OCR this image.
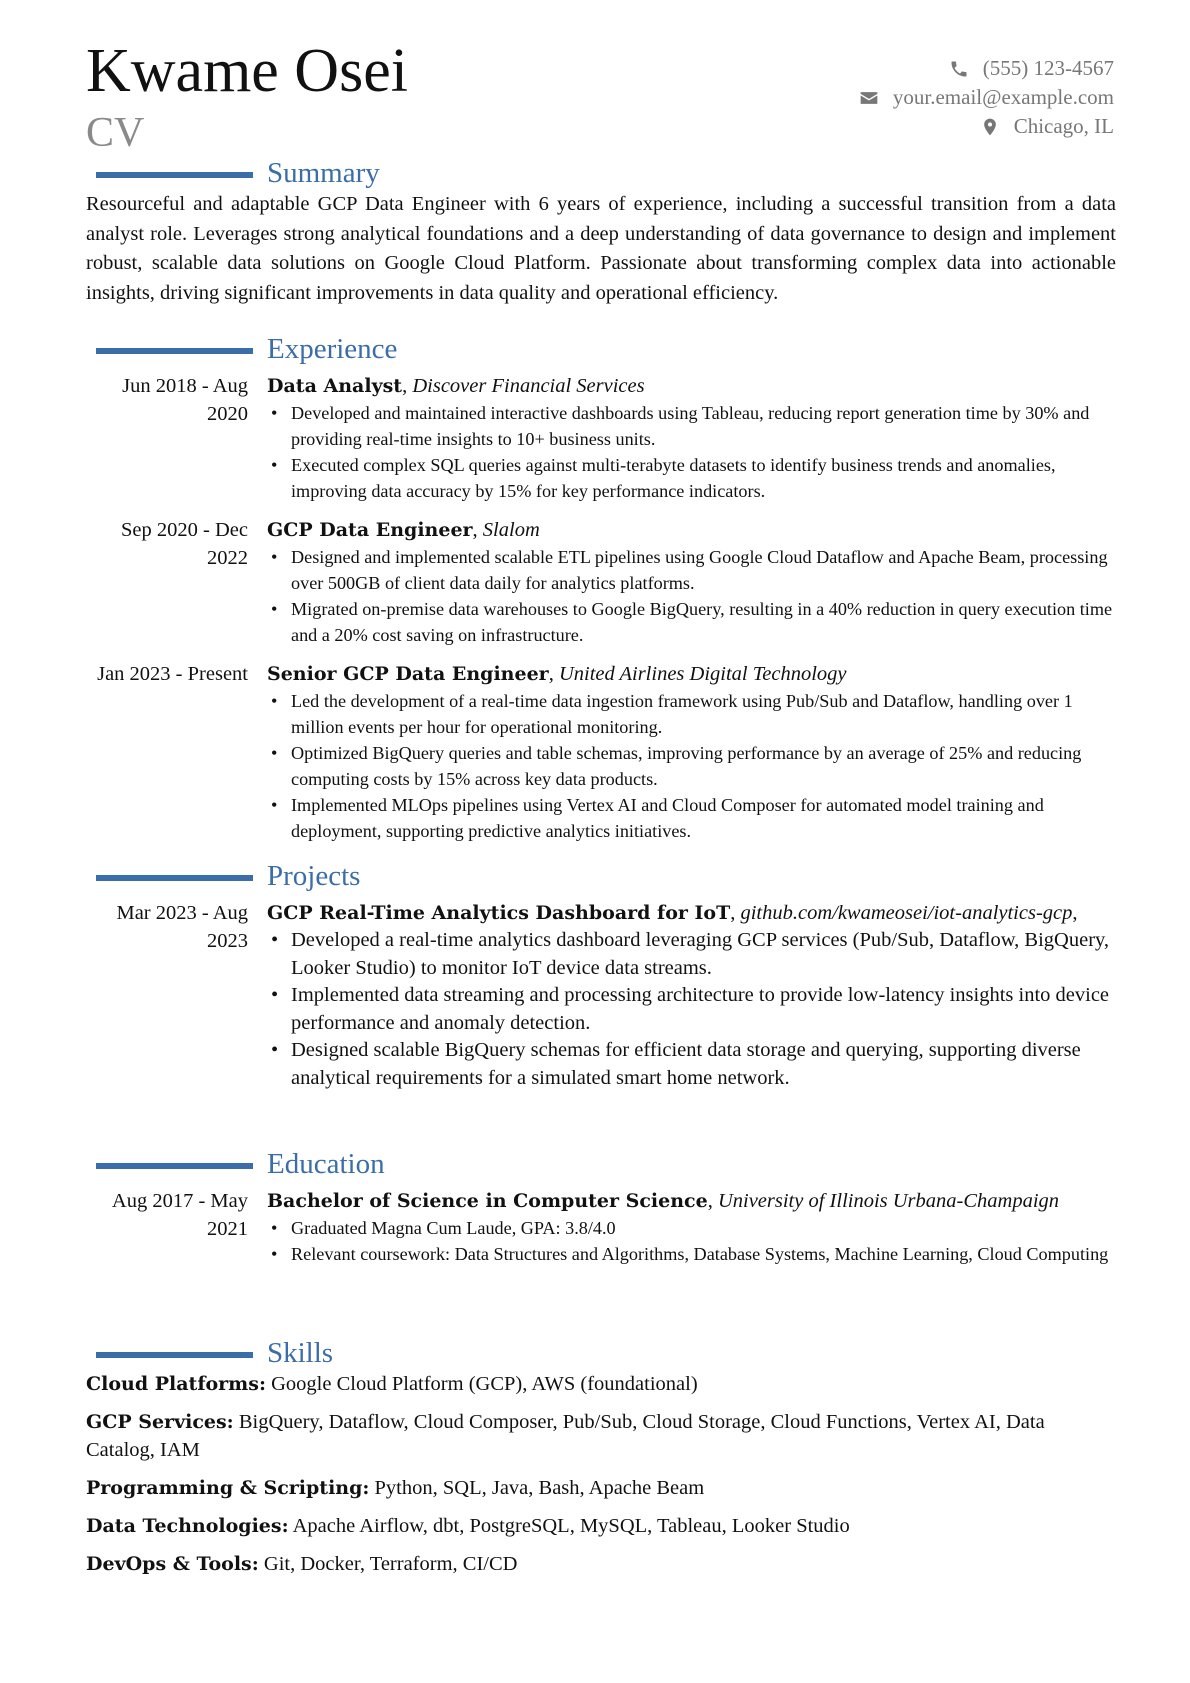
Kwame Osei
CV
(555) 123-4567
your.email@example.com
Chicago, IL
Summary

Resourceful and adaptable GCP Data Engineer with 6 years of experience, including a successful transition from a data analyst role. Leverages strong analytical foundations and a deep understanding of data governance to design and implement robust, scalable data solutions on Google Cloud Platform. Passionate about transforming complex data into actionable insights, driving significant improvements in data quality and operational efficiency.

Experience
Jun 2018 - Aug 2020
Data Analyst, Discover Financial Services
• Developed and maintained interactive dashboards using Tableau, reducing report generation time by 30% and providing real-time insights to 10+ business units.
• Executed complex SQL queries against multi-terabyte datasets to identify business trends and anomalies, improving data accuracy by 15% for key performance indicators.
Sep 2020 - Dec 2022
GCP Data Engineer, Slalom
• Designed and implemented scalable ETL pipelines using Google Cloud Dataflow and Apache Beam, processing over 500GB of client data daily for analytics platforms.
• Migrated on-premise data warehouses to Google BigQuery, resulting in a 40% reduction in query execution time and a 20% cost saving on infrastructure.
Jan 2023 - Present Senior GCP Data Engineer, United Airlines Digital Technology
• Led the development of a real-time data ingestion framework using Pub/Sub and Dataflow, handling over 1 million events per hour for operational monitoring.
• Optimized BigQuery queries and table schemas, improving performance by an average of 25% and reducing computing costs by 15% across key data products.
• Implemented MLOps pipelines using Vertex AI and Cloud Composer for automated model training and deployment, supporting predictive analytics initiatives.
Projects
Mar 2023 - Aug 2023
GCP Real-Time Analytics Dashboard for IoT, github.com/kwameosei/iot-analytics-gcp,
• Developed a real-time analytics dashboard leveraging GCP services (Pub/Sub, Dataflow, BigQuery, Looker Studio) to monitor IoT device data streams.
• Implemented data streaming and processing architecture to provide low-latency insights into device performance and anomaly detection.
• Designed scalable BigQuery schemas for efficient data storage and querying, supporting diverse analytical requirements for a simulated smart home network.
Education
Aug 2017 - May 2021
Bachelor of Science in Computer Science, University of Illinois Urbana-Champaign
• Graduated Magna Cum Laude, GPA: 3.8/4.0
• Relevant coursework: Data Structures and Algorithms, Database Systems, Machine Learning, Cloud Computing
Skills
Cloud Platforms: Google Cloud Platform (GCP), AWS (foundational)
GCP Services: BigQuery, Dataflow, Cloud Composer, Pub/Sub, Cloud Storage, Cloud Functions, Vertex AI, Data Catalog, IAM
Programming & Scripting: Python, SQL, Java, Bash, Apache Beam
Data Technologies: Apache Airflow, dbt, PostgreSQL, MySQL, Tableau, Looker Studio
DevOps & Tools: Git, Docker, Terraform, CI/CD
